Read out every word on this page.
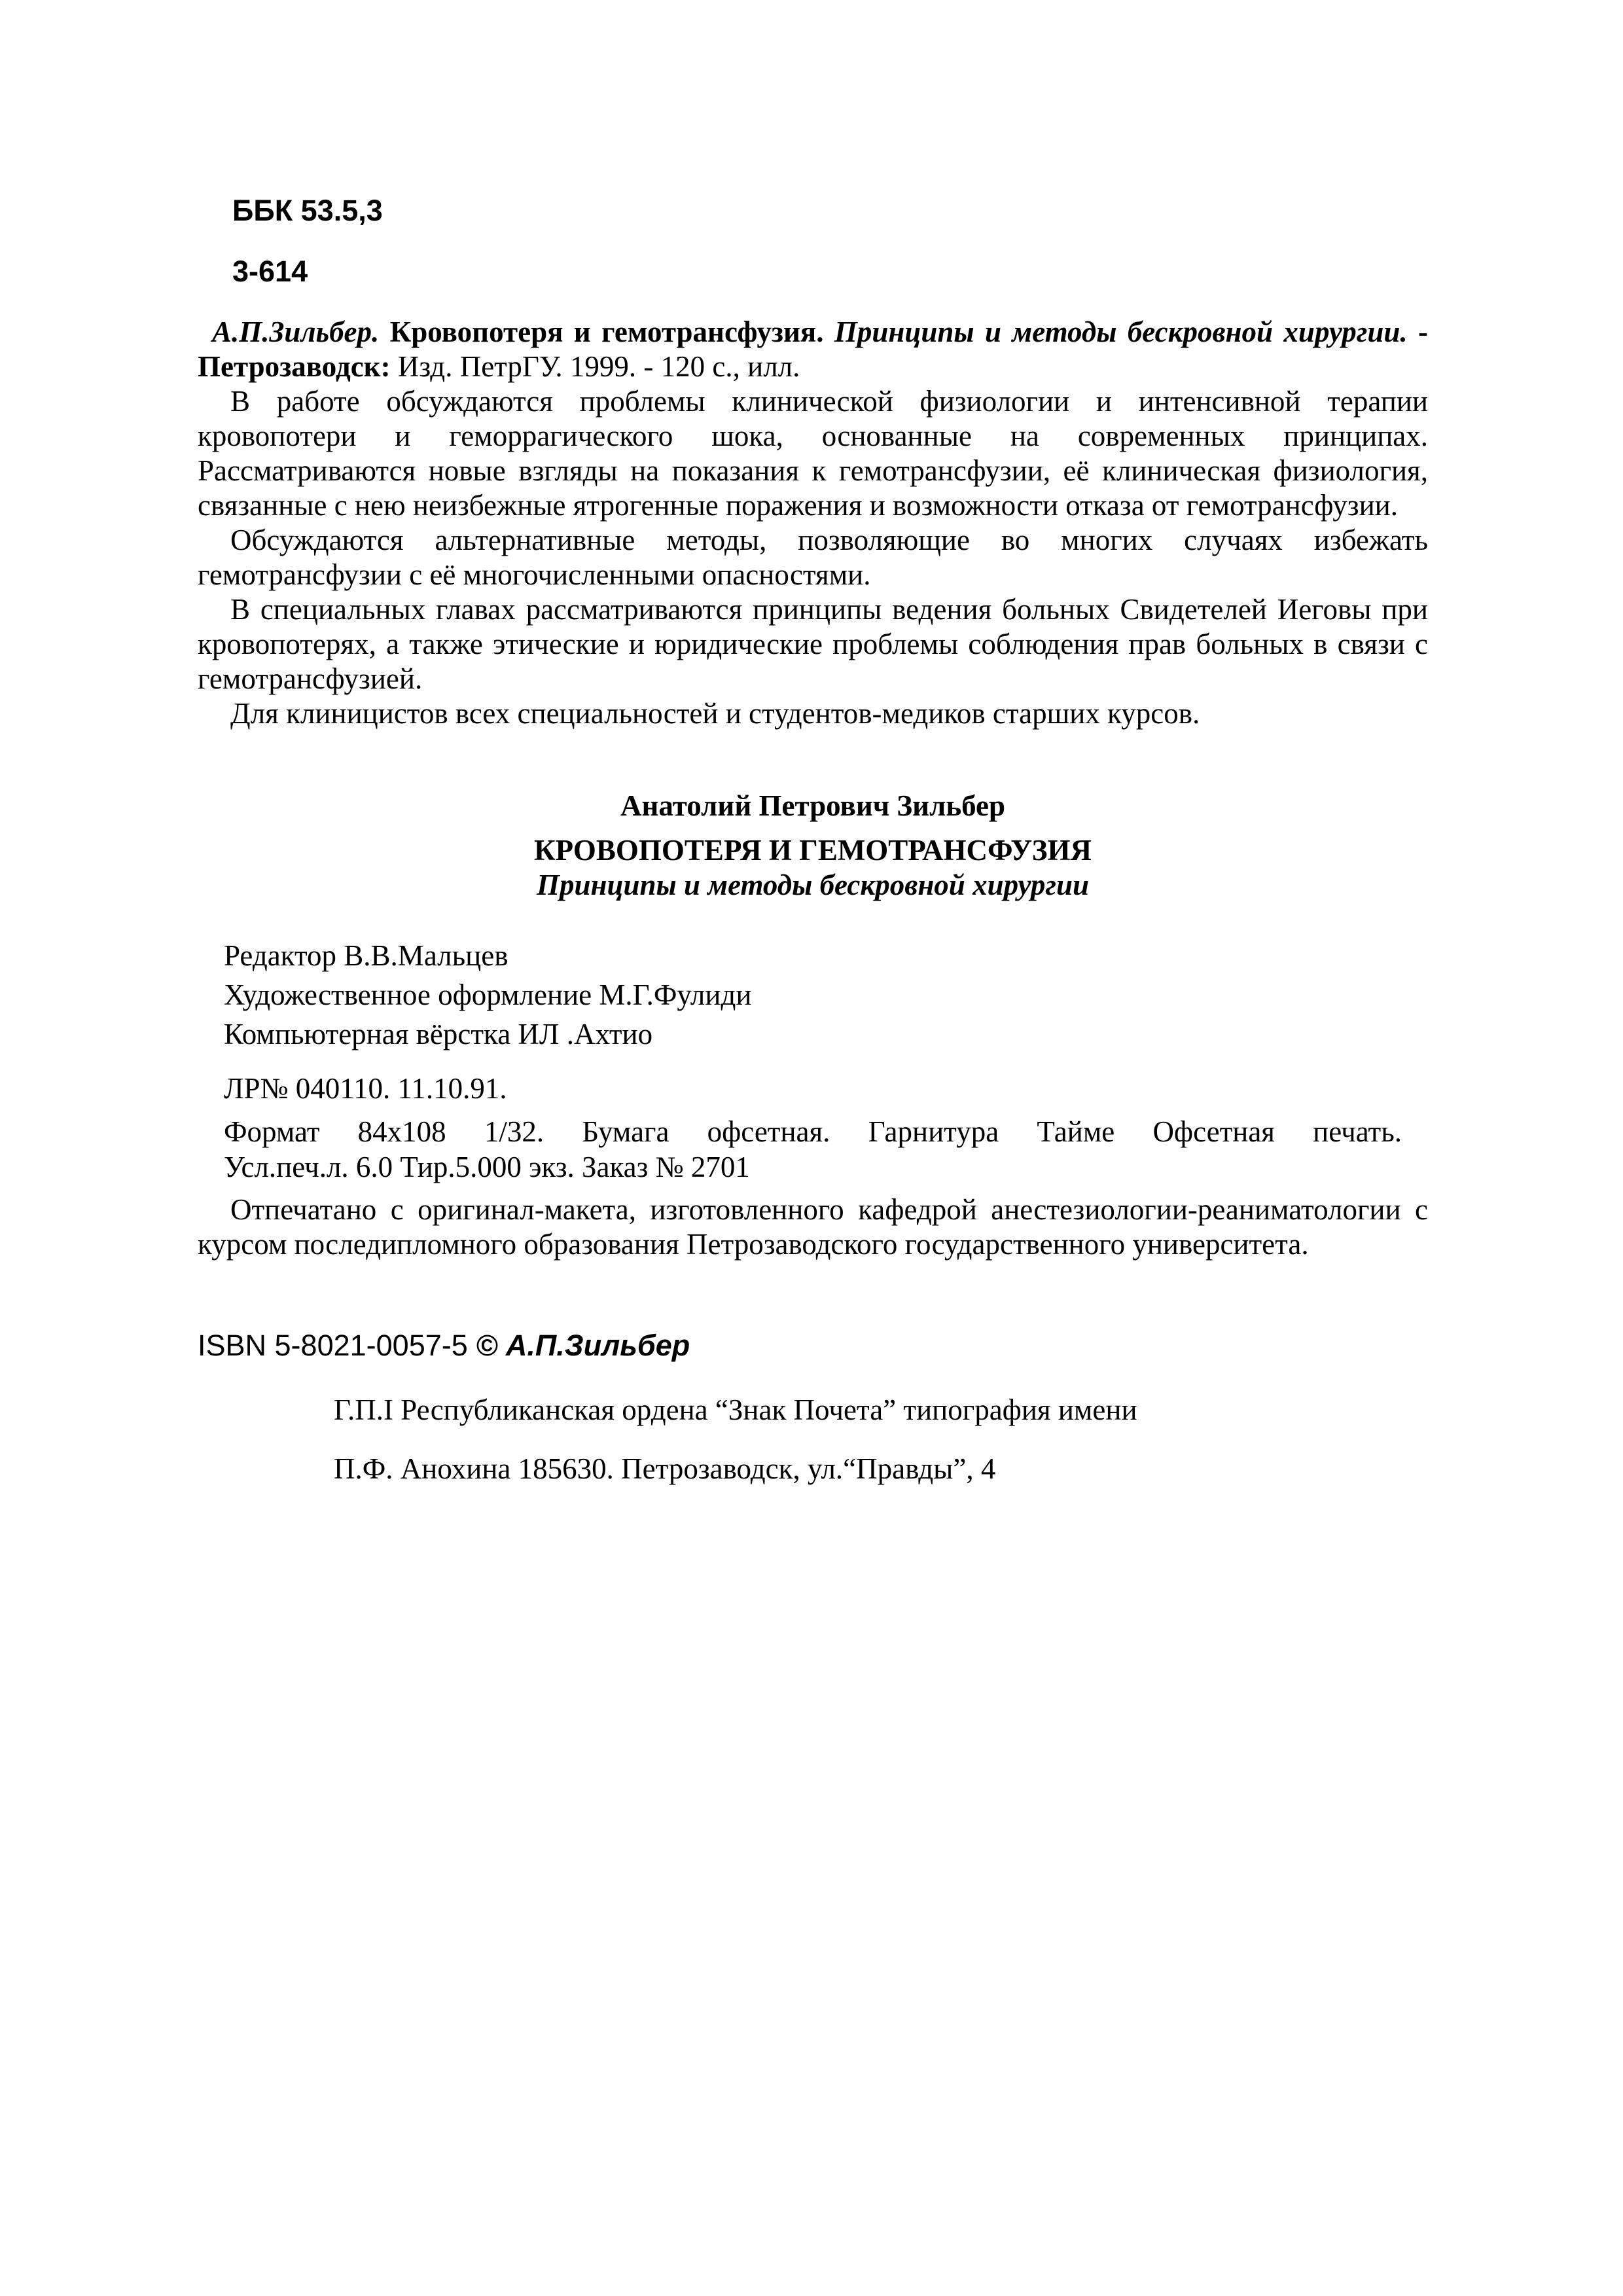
ББК 53.5,3
3-614

А.П.Зильбер. Кровопотеря и гемотрансфузия. Принципы и методы бескровной хирургии. - Петрозаводск: Изд. ПетрГУ. 1999. - 120 с., илл.

В работе обсуждаются проблемы клинической физиологии и интенсивной терапии кровопотери и геморрагического шока, основанные на современных принципах. Рассматриваются новые взгляды на показания к гемотрансфузии, её клиническая физиология, связанные с нею неизбежные ятрогенные поражения и возможности отказа от гемотрансфузии.

Обсуждаются альтернативные методы, позволяющие во многих случаях избежать гемотрансфузии с её многочисленными опасностями.

В специальных главах рассматриваются принципы ведения больных Свидетелей Иеговы при кровопотерях, а также этические и юридические проблемы соблюдения прав больных в связи с гемотрансфузией.

Для клиницистов всех специальностей и студентов-медиков старших курсов.

Анатолий Петрович Зильбер
КРОВОПОТЕРЯ И ГЕМОТРАНСФУЗИЯ
Принципы и методы бескровной хирургии
Редактор В.В.Мальцев
Художественное оформление М.Г.Фулиди
Компьютерная вёрстка ИЛ .Ахтио
ЛР№ 040110. 11.10.91.
Формат 84x108 1/32. Бумага офсетная. Гарнитура Тайме Офсетная печать.
Усл.печ.л. 6.0 Тир.5.000 экз. Заказ № 2701

Отпечатано с оригинал-макета, изготовленного кафедрой анестезиологии-реаниматологии с курсом последипломного образования Петрозаводского государственного университета.

ISBN 5-8021-0057-5 © А.П.Зильбер
Г.П.I Республиканская ордена “Знак Почета” типография имени
П.Ф. Анохина 185630. Петрозаводск, ул.“Правды”, 4
